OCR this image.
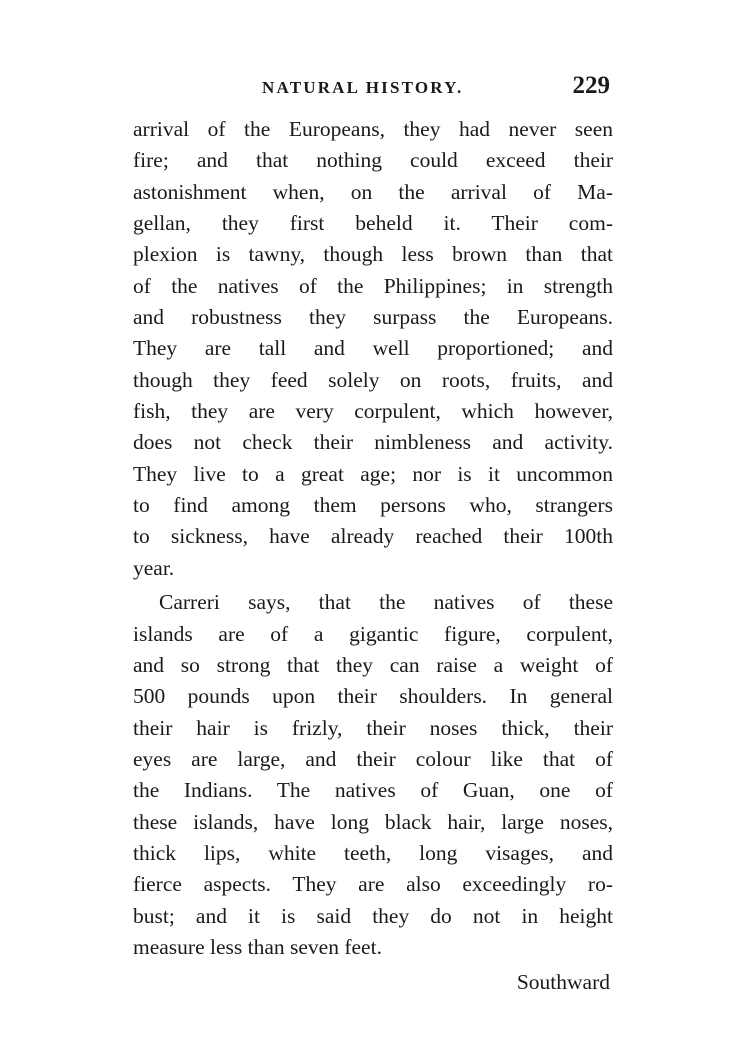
NATURAL HISTORY.	229
arrival of the Europeans, they had never seen
fire; and that nothing could exceed their
astonishment when, on the arrival of Ma-
gellan, they first beheld it. Their com-
plexion is tawny, though less brown than that
of the natives of the Philippines; in strength
and robustness they surpass the Europeans.
They are tall and well proportioned; and
though they feed solely on roots, fruits, and
fish, they are very corpulent, which however,
does not check their nimbleness and activity.
They live to a great age; nor is it uncommon
to find among them persons who, strangers
to sickness, have already reached their 100th
year.
Carreri says, that the natives of these
islands are of a gigantic figure, corpulent,
and so strong that they can raise a weight of
500 pounds upon their shoulders. In general
their hair is frizly, their noses thick, their
eyes are large, and their colour like that of
the Indians. The natives of Guan, one of
these islands, have long black hair, large noses,
thick lips, white teeth, long visages, and
fierce aspects. They are also exceedingly ro-
bust; and it is said they do not in height
measure less than seven feet.
Southward
